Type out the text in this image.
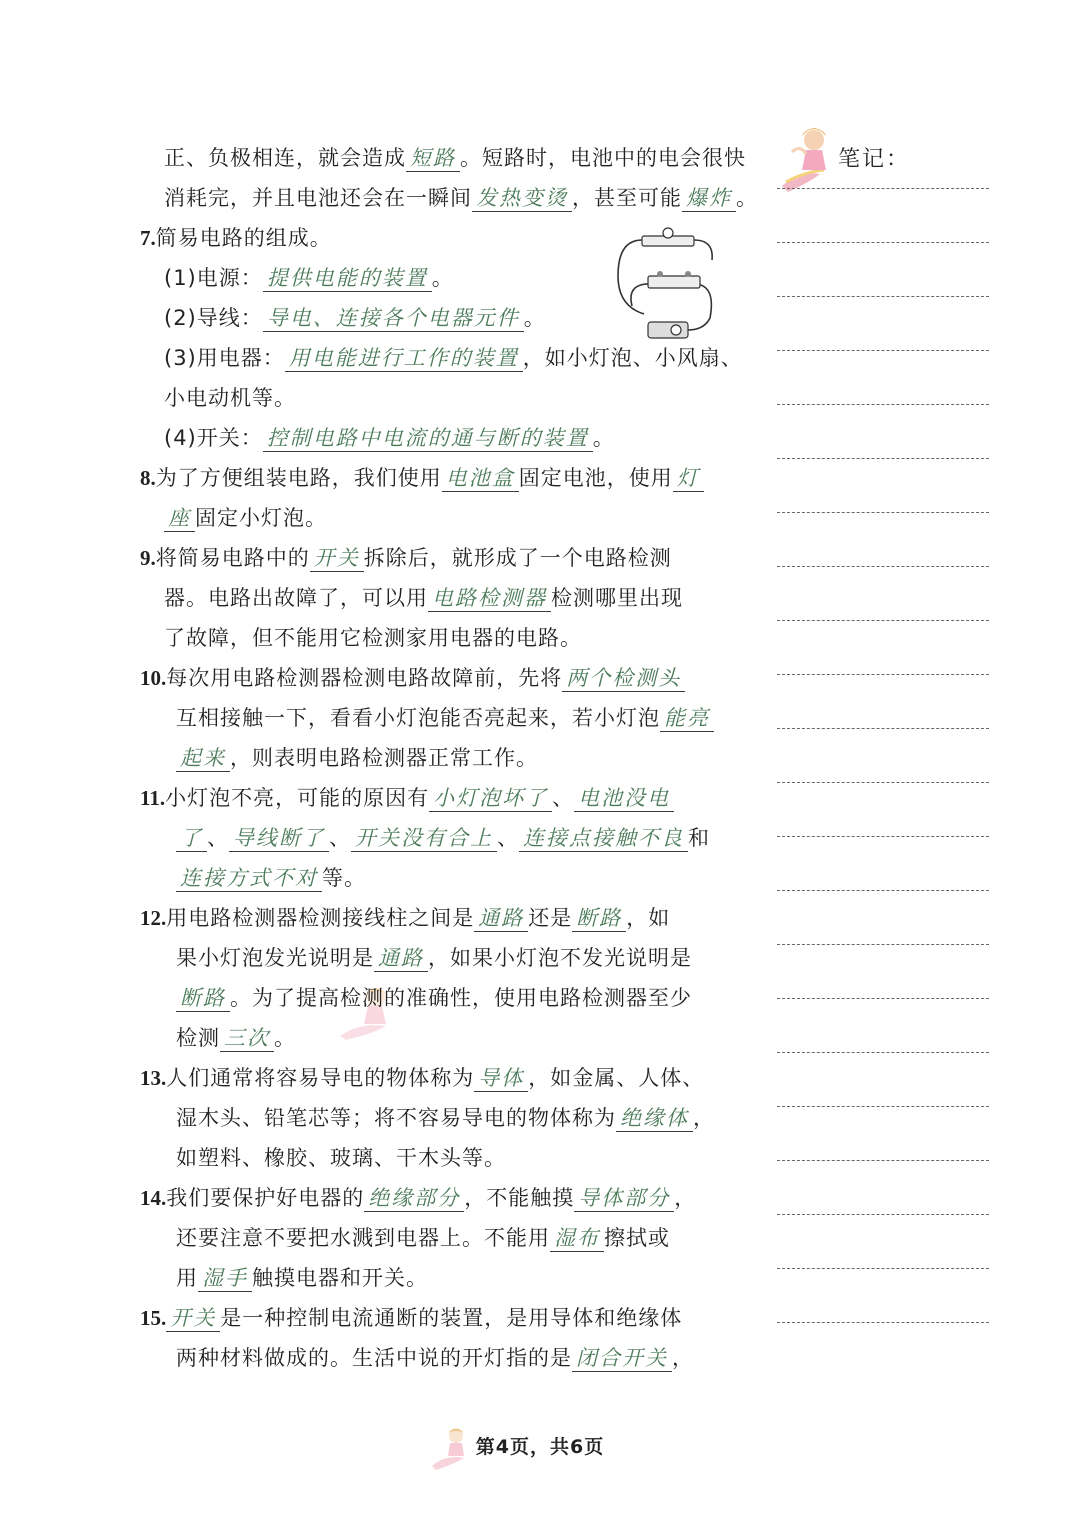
笔记：
正、负极相连，就会造成 短路 。短路时，电池中的电会很快
消耗完，并且电池还会在一瞬间 发热变烫 ，甚至可能 爆炸 。
7.简易电路的组成。
(1)电源： 提供电能的装置 。
(2)导线： 导电、连接各个电器元件 。
(3)用电器： 用电能进行工作的装置 ，如小灯泡、小风扇、
小电动机等。
(4)开关： 控制电路中电流的通与断的装置 。
8.为了方便组装电路，我们使用 电池盒 固定电池，使用 灯
座 固定小灯泡。
9.将简易电路中的 开关 拆除后，就形成了一个电路检测
器。电路出故障了，可以用 电路检测器 检测哪里出现
了故障，但不能用它检测家用电器的电路。
10.每次用电路检测器检测电路故障前，先将 两个检测头
互相接触一下，看看小灯泡能否亮起来，若小灯泡 能亮
起来 ，则表明电路检测器正常工作。
11.小灯泡不亮，可能的原因有 小灯泡坏了 、 电池没电
了 、 导线断了 、 开关没有合上 、 连接点接触不良 和
连接方式不对 等。
12.用电路检测器检测接线柱之间是 通路 还是 断路 ，如
果小灯泡发光说明是 通路 ，如果小灯泡不发光说明是
断路 。为了提高检测的准确性，使用电路检测器至少
检测 三次 。
13.人们通常将容易导电的物体称为 导体 ，如金属、人体、
湿木头、铅笔芯等；将不容易导电的物体称为 绝缘体 ，
如塑料、橡胶、玻璃、干木头等。
14.我们要保护好电器的 绝缘部分 ，不能触摸 导体部分 ，
还要注意不要把水溅到电器上。不能用 湿布 擦拭或
用 湿手 触摸电器和开关。
15. 开关 是一种控制电流通断的装置，是用导体和绝缘体
两种材料做成的。生活中说的开灯指的是 闭合开关 ，
第4页，共6页
